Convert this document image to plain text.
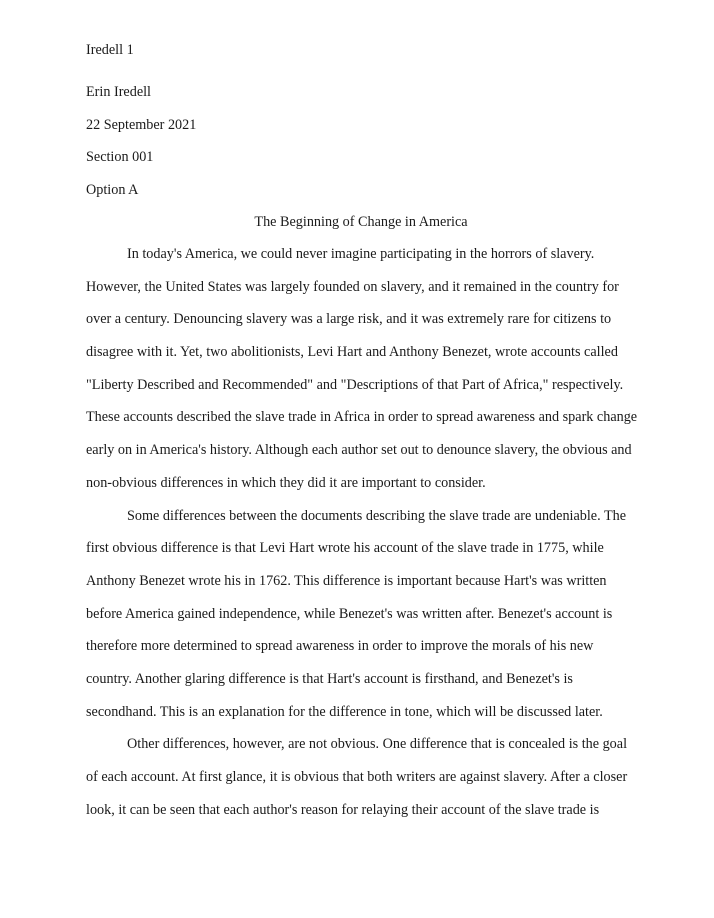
Iredell 1
Erin Iredell
22 September 2021
Section 001
Option A
The Beginning of Change in America
In today's America, we could never imagine participating in the horrors of slavery.
However, the United States was largely founded on slavery, and it remained in the country for
over a century. Denouncing slavery was a large risk, and it was extremely rare for citizens to
disagree with it. Yet, two abolitionists, Levi Hart and Anthony Benezet, wrote accounts called
"Liberty Described and Recommended" and "Descriptions of that Part of Africa," respectively.
These accounts described the slave trade in Africa in order to spread awareness and spark change
early on in America's history. Although each author set out to denounce slavery, the obvious and
non-obvious differences in which they did it are important to consider.
Some differences between the documents describing the slave trade are undeniable. The
first obvious difference is that Levi Hart wrote his account of the slave trade in 1775, while
Anthony Benezet wrote his in 1762. This difference is important because Hart's was written
before America gained independence, while Benezet's was written after. Benezet's account is
therefore more determined to spread awareness in order to improve the morals of his new
country. Another glaring difference is that Hart's account is firsthand, and Benezet's is
secondhand. This is an explanation for the difference in tone, which will be discussed later.
Other differences, however, are not obvious. One difference that is concealed is the goal
of each account. At first glance, it is obvious that both writers are against slavery. After a closer
look, it can be seen that each author's reason for relaying their account of the slave trade is
